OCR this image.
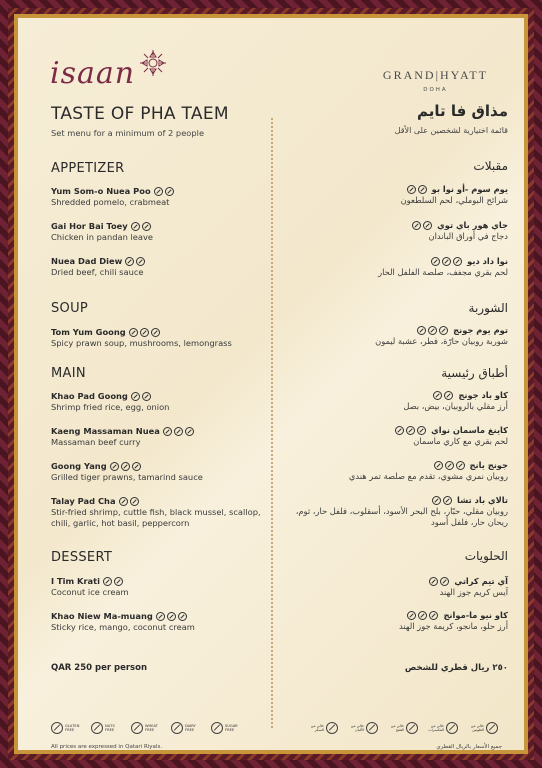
isaan	GRAND|HYATT
DOHA
TASTE OF PHA TAEM
Set menu for a minimum of 2 people
APPETIZER
Yum Som-o Nuea Poo
Shredded pomelo, crabmeat
Gai Hor Bai Toey
Chicken in pandan leave
Nuea Dad Diew
Dried beef, chili sauce
SOUP
Tom Yum Goong
Spicy prawn soup, mushrooms, lemongrass
MAIN
Khao Pad Goong
Shrimp fried rice, egg, onion
Kaeng Massaman Nuea
Massaman beef curry
Goong Yang
Grilled tiger prawns, tamarind sauce
Talay Pad Cha
Stir-fried shrimp, cuttle fish, black mussel, scallop, chili, garlic, hot basil, peppercorn
DESSERT
I Tim Krati
Coconut ice cream
Khao Niew Ma-muang
Sticky rice, mango, coconut cream
QAR 250 per person
GLUTEN FREE
NUTS FREE
WHEAT FREE
DAIRY FREE
SUGAR FREE
All prices are expressed in Qatari Riyals.
مذاق فا تايم
قائمة اختيارية لشخصين على الأقل
مقبلات
يوم سوم -أو نوا بو
شرائح البوملي، لحم السلطعون
جاي هور باي توي
دجاج في أوراق الباندان
نوا داد ديو
لحم بقري مجفف، صلصة الفلفل الحار
الشوربة
توم يوم جونج
شوربة روبيان حارّة، فطر، عشبة ليمون
أطباق رئيسية
كاو باد جونج
أرز مقلي بالروبيان، بيض، بصل
كاينغ ماسمان نواي
لحم بقري مع كاري ماسمان
جونج يانج
روبيان نمري مشوي، تقدم مع صلصة تمر هندي
تالاي باد تشا
روبيان مقلي، حبّار، بلح البحر الأسود، أسقلوب، فلفل حار، ثوم، ريحان حار، فلفل أسود
الحلويات
آي تيم كراتي
آيس كريم جوز الهند
كاو نيو ما-موانج
أرز حلو، مانجو، كريمة جوز الهند
٢٥٠ ريال قطري للشخص
خالي من الغلوتين
خالي من المكسرات
خالي من القمح
خالي من الألبان
خالي من السكر
جميع الأسعار بالريال القطري
